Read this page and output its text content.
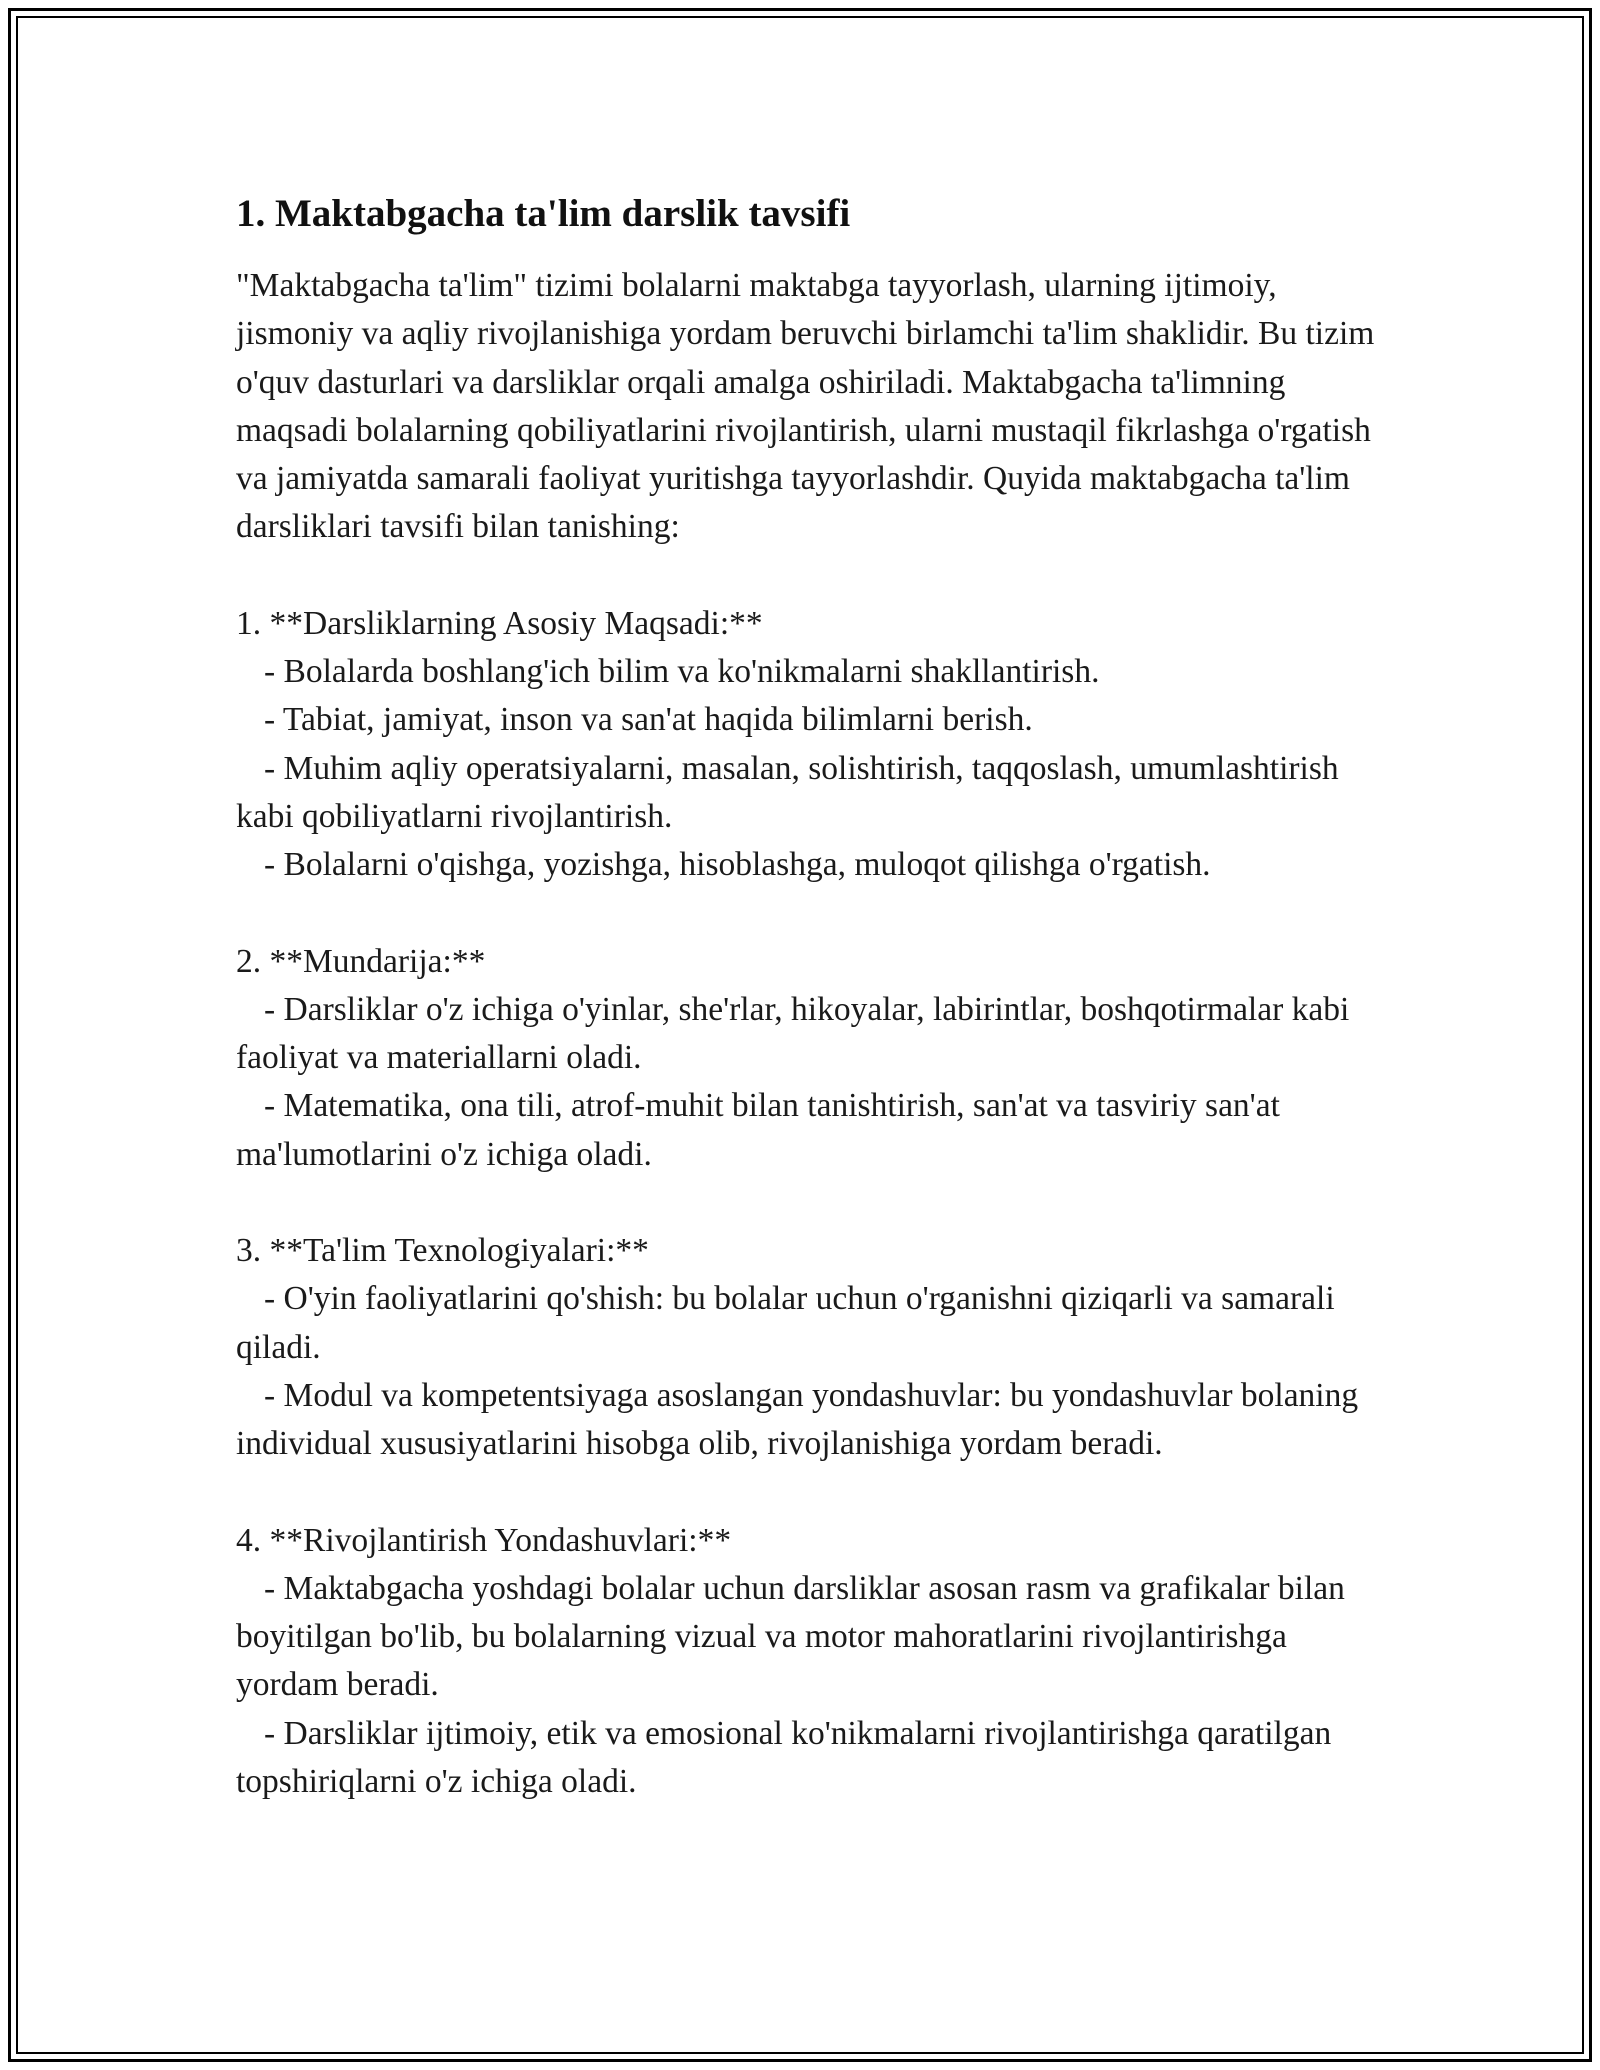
1. Maktabgacha ta'lim darslik tavsifi

"Maktabgacha ta'lim" tizimi bolalarni maktabga tayyorlash, ularning ijtimoiy, jismoniy va aqliy rivojlanishiga yordam beruvchi birlamchi ta'lim shaklidir. Bu tizim o'quv dasturlari va darsliklar orqali amalga oshiriladi. Maktabgacha ta'limning maqsadi bolalarning qobiliyatlarini rivojlantirish, ularni mustaqil fikrlashga o'rgatish va jamiyatda samarali faoliyat yuritishga tayyorlashdir. Quyida maktabgacha ta'lim darsliklari tavsifi bilan tanishing:

1. **Darsliklarning Asosiy Maqsadi:**

- Bolalarda boshlang'ich bilim va ko'nikmalarni shakllantirish.

- Tabiat, jamiyat, inson va san'at haqida bilimlarni berish.

- Muhim aqliy operatsiyalarni, masalan, solishtirish, taqqoslash, umumlashtirish kabi qobiliyatlarni rivojlantirish.

- Bolalarni o'qishga, yozishga, hisoblashga, muloqot qilishga o'rgatish.

2. **Mundarija:**

- Darsliklar o'z ichiga o'yinlar, she'rlar, hikoyalar, labirintlar, boshqotirmalar kabi faoliyat va materiallarni oladi.

- Matematika, ona tili, atrof-muhit bilan tanishtirish, san'at va tasviriy san'at ma'lumotlarini o'z ichiga oladi.

3. **Ta'lim Texnologiyalari:**

- O'yin faoliyatlarini qo'shish: bu bolalar uchun o'rganishni qiziqarli va samarali qiladi.

- Modul va kompetentsiyaga asoslangan yondashuvlar: bu yondashuvlar bolaning individual xususiyatlarini hisobga olib, rivojlanishiga yordam beradi.

4. **Rivojlantirish Yondashuvlari:**

- Maktabgacha yoshdagi bolalar uchun darsliklar asosan rasm va grafikalar bilan boyitilgan bo'lib, bu bolalarning vizual va motor mahoratlarini rivojlantirishga yordam beradi.

- Darsliklar ijtimoiy, etik va emosional ko'nikmalarni rivojlantirishga qaratilgan topshiriqlarni o'z ichiga oladi.
